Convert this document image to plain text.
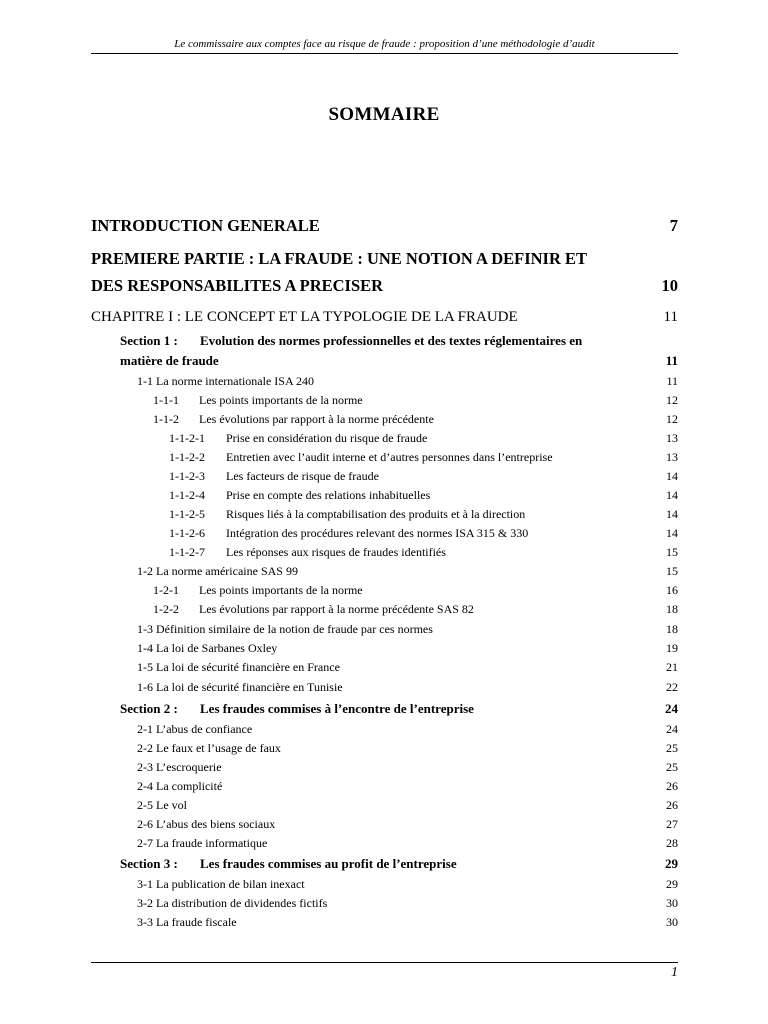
Le commissaire aux comptes face au risque de fraude : proposition d’une méthodologie d’audit
SOMMAIRE
INTRODUCTION GENERALE	7
PREMIERE PARTIE : LA FRAUDE : UNE NOTION A DEFINIR ET
DES RESPONSABILITES A PRECISER	10
CHAPITRE I : LE CONCEPT ET LA TYPOLOGIE DE LA FRAUDE	11
Section 1 : Evolution des normes professionnelles et des textes réglementaires en
matière de fraude	11
1-1 La norme internationale ISA 240	11
1-1-1	Les points importants de la norme	12
1-1-2	Les évolutions par rapport à la norme précédente	12
1-1-2-1	Prise en considération du risque de fraude	13
1-1-2-2	Entretien avec l’audit interne et d’autres personnes dans l’entreprise	13
1-1-2-3	Les facteurs de risque de fraude	14
1-1-2-4	Prise en compte des relations inhabituelles	14
1-1-2-5	Risques liés à la comptabilisation des produits et à la direction	14
1-1-2-6	Intégration des procédures relevant des normes ISA 315 & 330	14
1-1-2-7	Les réponses aux risques de fraudes identifiés	15
1-2 La norme américaine SAS 99	15
1-2-1	Les points importants de la norme	16
1-2-2	Les évolutions par rapport à la norme précédente SAS 82	18
1-3 Définition similaire de la notion de fraude par ces normes	18
1-4 La loi de Sarbanes Oxley	19
1-5 La loi de sécurité financière en France	21
1-6 La loi de sécurité financière en Tunisie	22
Section 2 :	Les fraudes commises à l’encontre de l’entreprise	24
2-1 L’abus de confiance	24
2-2 Le faux et l’usage de faux	25
2-3 L’escroquerie	25
2-4 La complicité	26
2-5 Le vol	26
2-6 L’abus des biens sociaux	27
2-7 La fraude informatique	28
Section 3 :	Les fraudes commises au profit de l’entreprise	29
3-1 La publication de bilan inexact	29
3-2 La distribution de dividendes fictifs	30
3-3 La fraude fiscale	30
1
